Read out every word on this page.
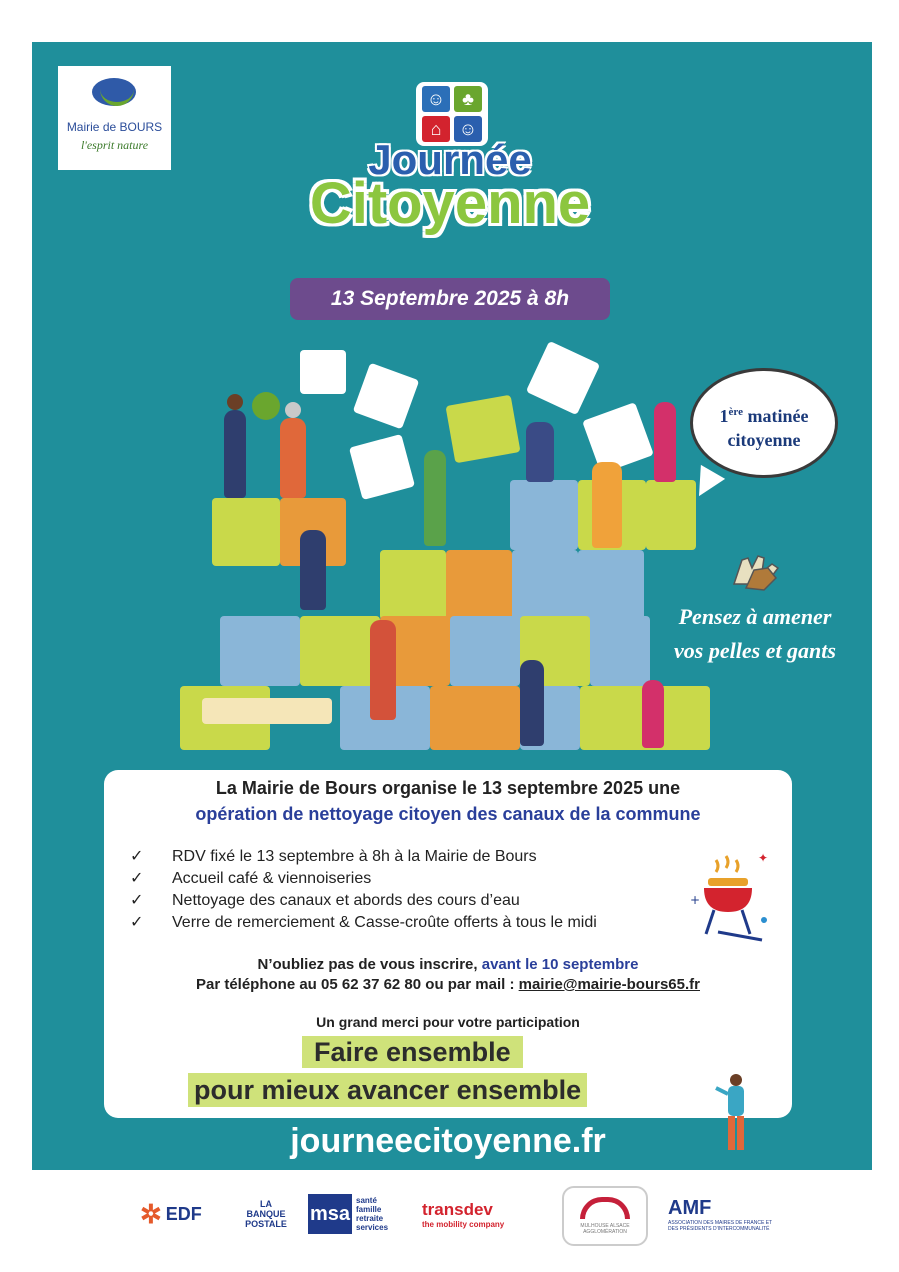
Mairie de BOURS
l'esprit nature
☺ ♣
⌂ ☺
Journée
Citoyenne
13 Septembre 2025 à 8h
1ère matinée
citoyenne
Pensez à amener
vos pelles et gants
La Mairie de Bours organise le 13 septembre 2025 une
opération de nettoyage citoyen des canaux de la commune
✓ RDV fixé le 13 septembre à 8h à la Mairie de Bours
✓ Accueil café & viennoiseries
✓ Nettoyage des canaux et abords des cours d’eau
✓ Verre de remerciement & Casse-croûte offerts à tous le midi
+
✦
N’oubliez pas de vous inscrire, avant le 10 septembre
Par téléphone au 05 62 37 62 80 ou par mail : mairie@mairie-bours65.fr
Un grand merci pour votre participation
Faire ensemble
pour mieux avancer ensemble
journeecitoyenne.fr
✲ EDF	LA
BANQUE
POSTALE msa
santé
famille
retraite
services
transdev
the mobility company	MULHOUSE ALSACE AGGLOMÉRATION
AMF
ASSOCIATION DES MAIRES DE FRANCE ET DES PRÉSIDENTS D'INTERCOMMUNALITÉ
